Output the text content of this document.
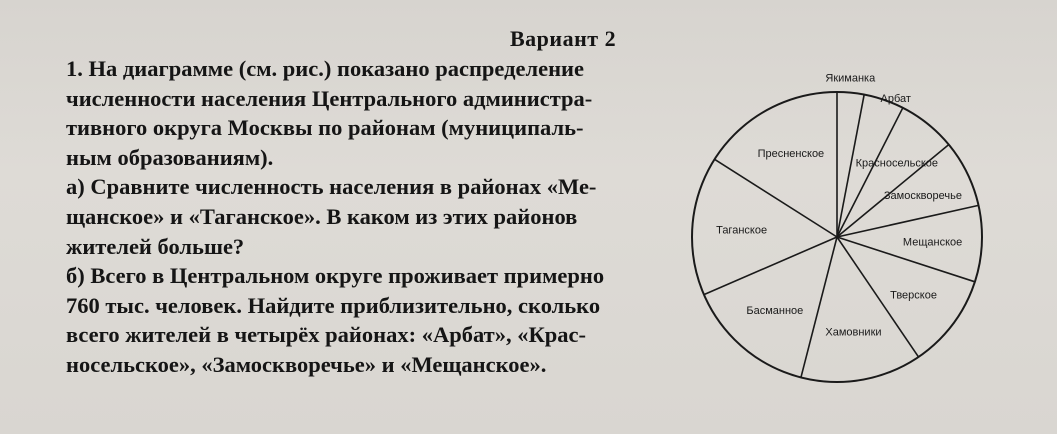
Вариант 2
1. На диаграмме (см. рис.) показано распределение
численности населения Центрального администра-
тивного округа Москвы по районам (муниципаль-
ным образованиям).
а) Сравните численность населения в районах «Ме-
щанское» и «Таганское». В каком из этих районов
жителей больше?
б) Всего в Центральном округе проживает примерно
760 тыс. человек. Найдите приблизительно, сколько
всего жителей в четырёх районах: «Арбат», «Крас-
носельское», «Замоскворечье» и «Мещанское».
Якиманка
Арбат
Красносельское
Замоскворечье
Мещанское
Тверское
Хамовники
Басманное
Таганское
Пресненское
